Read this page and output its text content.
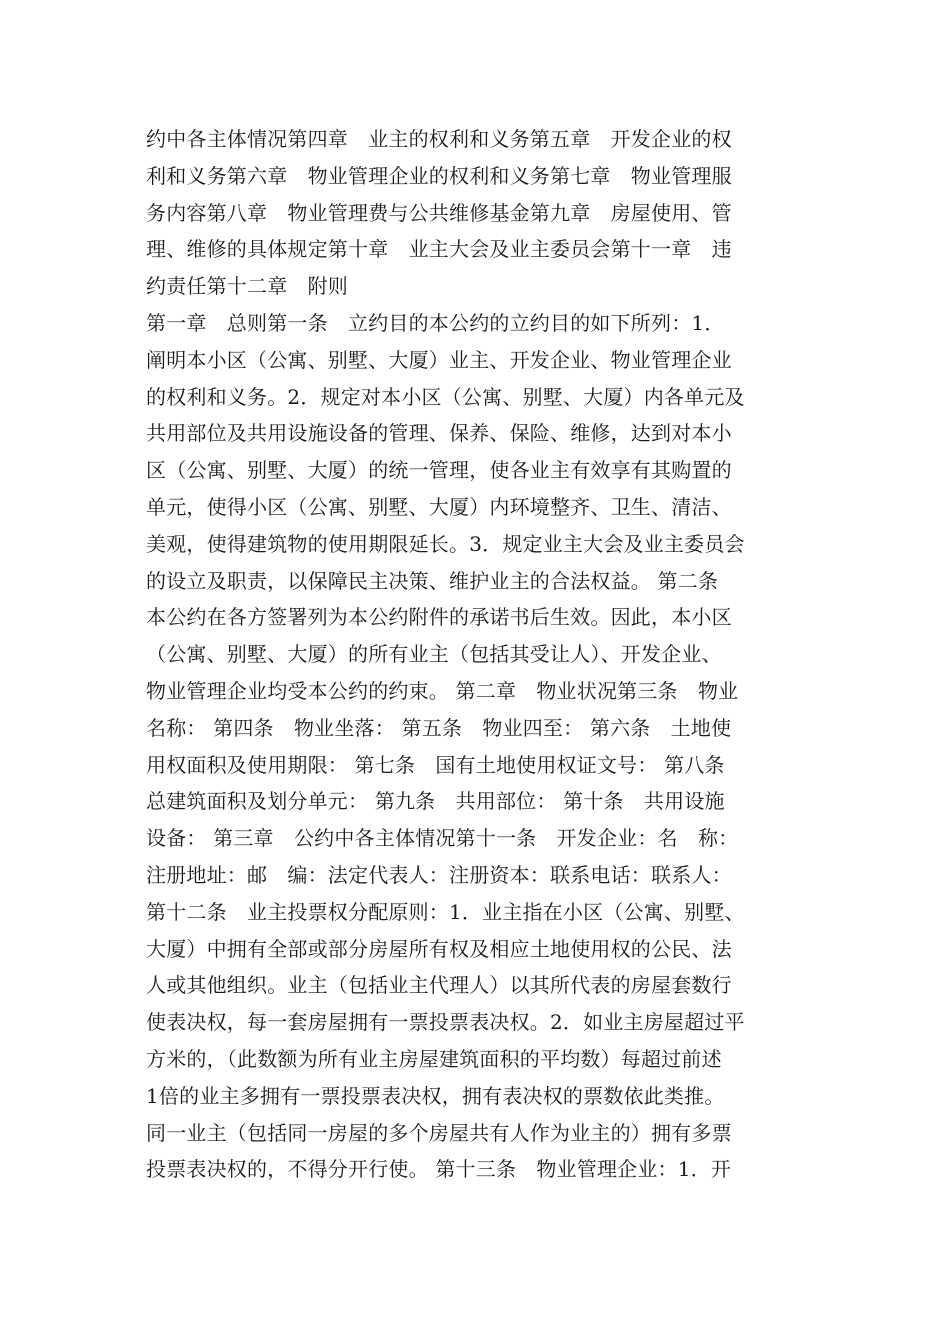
约中各主体情况第四章　业主的权利和义务第五章　开发企业的权
利和义务第六章　物业管理企业的权利和义务第七章　物业管理服
务内容第八章　物业管理费与公共维修基金第九章　房屋使用、管
理、维修的具体规定第十章　业主大会及业主委员会第十一章　违
约责任第十二章　附则
第一章　总则第一条　立约目的本公约的立约目的如下所列：1．
阐明本小区（公寓、别墅、大厦）业主、开发企业、物业管理企业
的权利和义务。2．规定对本小区（公寓、别墅、大厦）内各单元及
共用部位及共用设施设备的管理、保养、保险、维修，达到对本小
区（公寓、别墅、大厦）的统一管理，使各业主有效享有其购置的
单元，使得小区（公寓、别墅、大厦）内环境整齐、卫生、清洁、
美观，使得建筑物的使用期限延长。3．规定业主大会及业主委员会
的设立及职责，以保障民主决策、维护业主的合法权益。 第二条
本公约在各方签署列为本公约附件的承诺书后生效。因此，本小区
（公寓、别墅、大厦）的所有业主（包括其受让人）、开发企业、
物业管理企业均受本公约的约束。 第二章　物业状况第三条　物业
名称： 第四条　物业坐落： 第五条　物业四至： 第六条　土地使
用权面积及使用期限： 第七条　国有土地使用权证文号： 第八条
总建筑面积及划分单元： 第九条　共用部位： 第十条　共用设施
设备： 第三章　公约中各主体情况第十一条　开发企业：名　称：
注册地址：邮　编：法定代表人：注册资本：联系电话：联系人：
第十二条　业主投票权分配原则：1．业主指在小区（公寓、别墅、
大厦）中拥有全部或部分房屋所有权及相应土地使用权的公民、法
人或其他组织。业主（包括业主代理人）以其所代表的房屋套数行
使表决权，每一套房屋拥有一票投票表决权。2．如业主房屋超过平
方米的，（此数额为所有业主房屋建筑面积的平均数）每超过前述
1倍的业主多拥有一票投票表决权，拥有表决权的票数依此类推。
同一业主（包括同一房屋的多个房屋共有人作为业主的）拥有多票
投票表决权的，不得分开行使。 第十三条　物业管理企业：1．开
